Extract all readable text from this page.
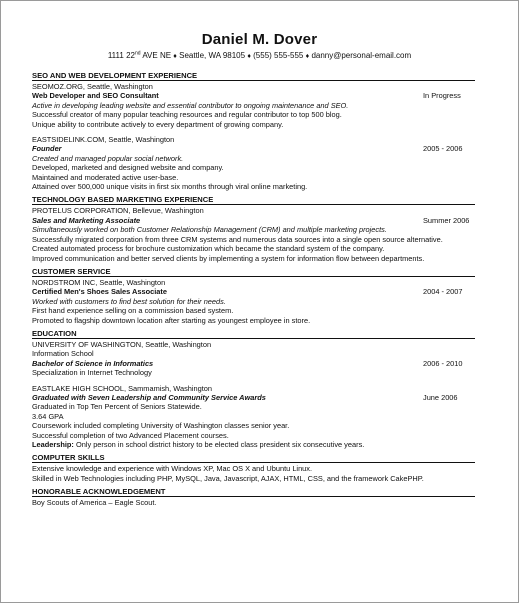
Daniel M. Dover
1111 22nd AVE NE ♦ Seattle, WA 98105 ♦ (555) 555-555 ♦ danny@personal-email.com
SEO AND WEB DEVELOPMENT EXPERIENCE
SEOMOZ.ORG, Seattle, Washington
Web Developer and SEO Consultant	In Progress
Active in developing leading website and essential contributor to ongoing maintenance and SEO.
Successful creator of many popular teaching resources and regular contributor to top 500 blog.
Unique ability to contribute actively to every department of growing company.
EASTSIDELINK.COM, Seattle, Washington
Founder	2005 - 2006
Created and managed popular social network.
Developed, marketed and designed website and company.
Maintained and moderated active user-base.
Attained over 500,000 unique visits in first six months through viral online marketing.
TECHNOLOGY BASED MARKETING EXPERIENCE
PROTELUS CORPORATION, Bellevue, Washington
Sales and Marketing Associate	Summer 2006
Simultaneously worked on both Customer Relationship Management (CRM) and multiple marketing projects.
Successfully migrated corporation from three CRM systems and numerous data sources into a single open source alternative.
Created automated process for brochure customization which became the standard system of the company.
Improved communication and better served clients by implementing a system for information flow between departments.
CUSTOMER SERVICE
NORDSTROM INC, Seattle, Washington
Certified Men's Shoes Sales Associate	2004 - 2007
Worked with customers to find best solution for their needs.
First hand experience selling on a commission based system.
Promoted to flagship downtown location after starting as youngest employee in store.
EDUCATION
UNIVERSITY OF WASHINGTON, Seattle, Washington
Information School
Bachelor of Science in Informatics	2006 - 2010
Specialization in Internet Technology
EASTLAKE HIGH SCHOOL, Sammamish, Washington
Graduated with Seven Leadership and Community Service Awards	June 2006
Graduated in Top Ten Percent of Seniors Statewide.
3.64 GPA
Coursework included completing University of Washington classes senior year.
Successful completion of two Advanced Placement courses.
Leadership: Only person in school district history to be elected class president six consecutive years.
COMPUTER SKILLS
Extensive knowledge and experience with Windows XP, Mac OS X and Ubuntu Linux.
Skilled in Web Technologies including PHP, MySQL, Java, Javascript, AJAX, HTML, CSS, and the framework CakePHP.
HONORABLE ACKNOWLEDGEMENT
Boy Scouts of America – Eagle Scout.
